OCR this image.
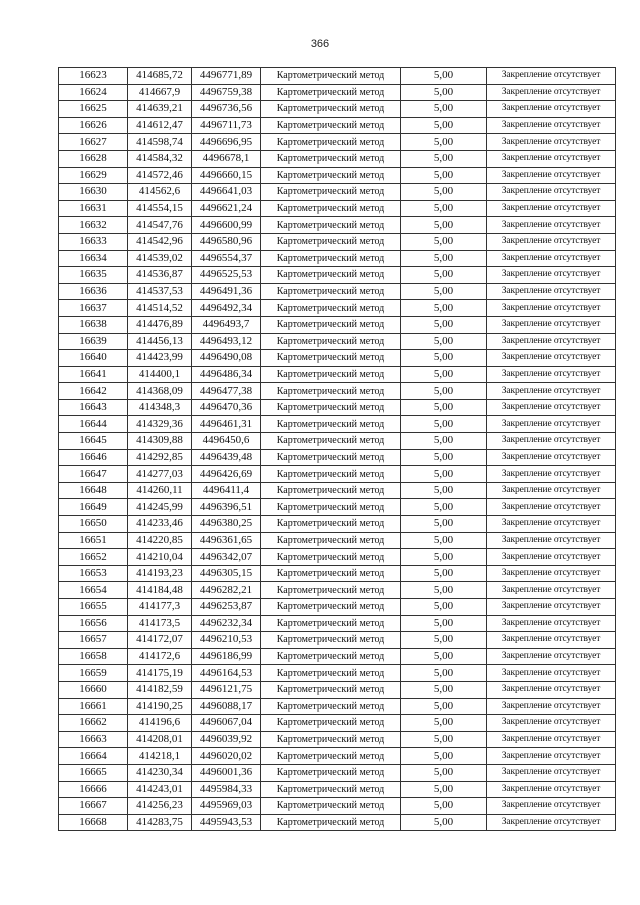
366
16623	414685,72	4496771,89	Картометрический метод	5,00	Закрепление отсутствует
16624	414667,9	4496759,38	Картометрический метод	5,00	Закрепление отсутствует
16625	414639,21	4496736,56	Картометрический метод	5,00	Закрепление отсутствует
16626	414612,47	4496711,73	Картометрический метод	5,00	Закрепление отсутствует
16627	414598,74	4496696,95	Картометрический метод	5,00	Закрепление отсутствует
16628	414584,32	4496678,1	Картометрический метод	5,00	Закрепление отсутствует
16629	414572,46	4496660,15	Картометрический метод	5,00	Закрепление отсутствует
16630	414562,6	4496641,03	Картометрический метод	5,00	Закрепление отсутствует
16631	414554,15	4496621,24	Картометрический метод	5,00	Закрепление отсутствует
16632	414547,76	4496600,99	Картометрический метод	5,00	Закрепление отсутствует
16633	414542,96	4496580,96	Картометрический метод	5,00	Закрепление отсутствует
16634	414539,02	4496554,37	Картометрический метод	5,00	Закрепление отсутствует
16635	414536,87	4496525,53	Картометрический метод	5,00	Закрепление отсутствует
16636	414537,53	4496491,36	Картометрический метод	5,00	Закрепление отсутствует
16637	414514,52	4496492,34	Картометрический метод	5,00	Закрепление отсутствует
16638	414476,89	4496493,7	Картометрический метод	5,00	Закрепление отсутствует
16639	414456,13	4496493,12	Картометрический метод	5,00	Закрепление отсутствует
16640	414423,99	4496490,08	Картометрический метод	5,00	Закрепление отсутствует
16641	414400,1	4496486,34	Картометрический метод	5,00	Закрепление отсутствует
16642	414368,09	4496477,38	Картометрический метод	5,00	Закрепление отсутствует
16643	414348,3	4496470,36	Картометрический метод	5,00	Закрепление отсутствует
16644	414329,36	4496461,31	Картометрический метод	5,00	Закрепление отсутствует
16645	414309,88	4496450,6	Картометрический метод	5,00	Закрепление отсутствует
16646	414292,85	4496439,48	Картометрический метод	5,00	Закрепление отсутствует
16647	414277,03	4496426,69	Картометрический метод	5,00	Закрепление отсутствует
16648	414260,11	4496411,4	Картометрический метод	5,00	Закрепление отсутствует
16649	414245,99	4496396,51	Картометрический метод	5,00	Закрепление отсутствует
16650	414233,46	4496380,25	Картометрический метод	5,00	Закрепление отсутствует
16651	414220,85	4496361,65	Картометрический метод	5,00	Закрепление отсутствует
16652	414210,04	4496342,07	Картометрический метод	5,00	Закрепление отсутствует
16653	414193,23	4496305,15	Картометрический метод	5,00	Закрепление отсутствует
16654	414184,48	4496282,21	Картометрический метод	5,00	Закрепление отсутствует
16655	414177,3	4496253,87	Картометрический метод	5,00	Закрепление отсутствует
16656	414173,5	4496232,34	Картометрический метод	5,00	Закрепление отсутствует
16657	414172,07	4496210,53	Картометрический метод	5,00	Закрепление отсутствует
16658	414172,6	4496186,99	Картометрический метод	5,00	Закрепление отсутствует
16659	414175,19	4496164,53	Картометрический метод	5,00	Закрепление отсутствует
16660	414182,59	4496121,75	Картометрический метод	5,00	Закрепление отсутствует
16661	414190,25	4496088,17	Картометрический метод	5,00	Закрепление отсутствует
16662	414196,6	4496067,04	Картометрический метод	5,00	Закрепление отсутствует
16663	414208,01	4496039,92	Картометрический метод	5,00	Закрепление отсутствует
16664	414218,1	4496020,02	Картометрический метод	5,00	Закрепление отсутствует
16665	414230,34	4496001,36	Картометрический метод	5,00	Закрепление отсутствует
16666	414243,01	4495984,33	Картометрический метод	5,00	Закрепление отсутствует
16667	414256,23	4495969,03	Картометрический метод	5,00	Закрепление отсутствует
16668	414283,75	4495943,53	Картометрический метод	5,00	Закрепление отсутствует
